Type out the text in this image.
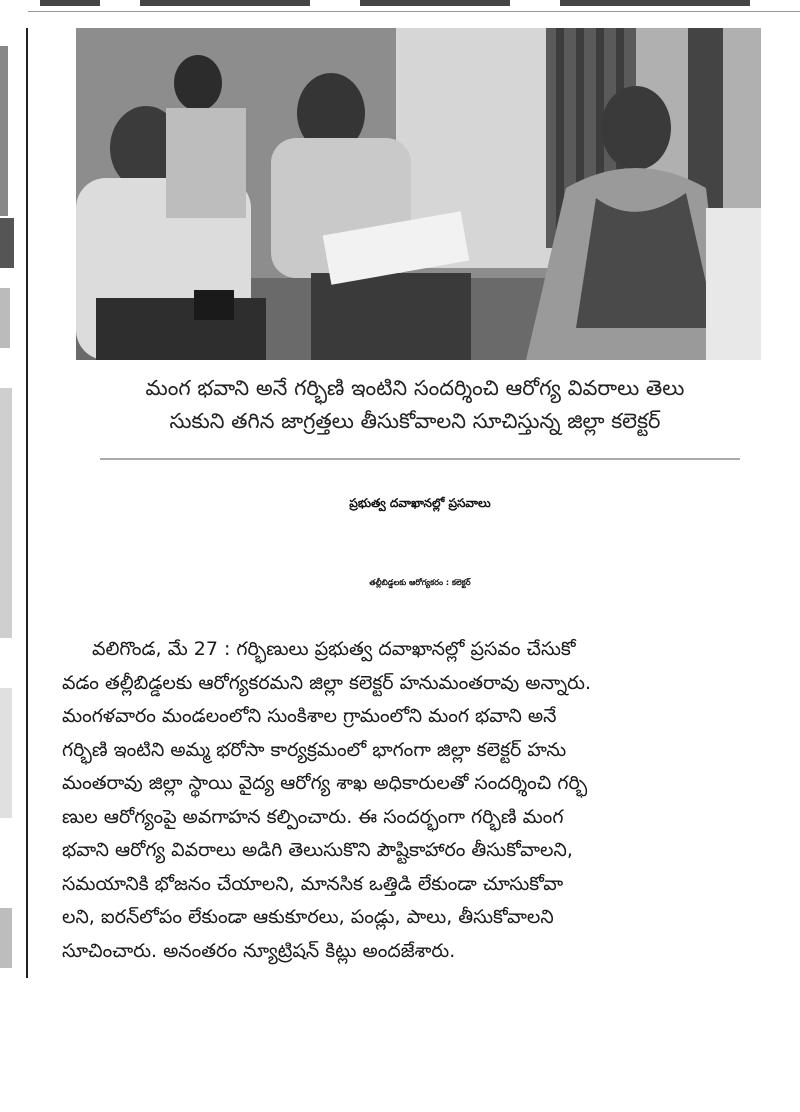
మంగ భవాని అనే గర్భిణి ఇంటిని సందర్శించి ఆరోగ్య వివరాలు తెలు

సుకుని తగిన జాగ్రత్తలు తీసుకోవాలని సూచిస్తున్న జిల్లా కలెక్టర్

ప్రభుత్వ దవాఖానల్లో ప్రసవాలు
తల్లీబిడ్డలకు ఆరోగ్యకరం : కలెక్టర్

వలిగొండ, మే 27 : గర్భిణులు ప్రభుత్వ దవాఖానల్లో ప్రసవం చేసుకో

వడం తల్లీబిడ్డలకు ఆరోగ్యకరమని జిల్లా కలెక్టర్ హనుమంతరావు అన్నారు.

మంగళవారం మండలంలోని సుంకిశాల గ్రామంలోని మంగ భవాని అనే

గర్భిణి ఇంటిని అమ్మ భరోసా కార్యక్రమంలో భాగంగా జిల్లా కలెక్టర్ హను

మంతరావు జిల్లా స్థాయి వైద్య ఆరోగ్య శాఖ అధికారులతో సందర్శించి గర్భి

ణుల ఆరోగ్యంపై అవగాహన కల్పించారు. ఈ సందర్భంగా గర్భిణి మంగ

భవాని ఆరోగ్య వివరాలు అడిగి తెలుసుకొని పౌష్టికాహారం తీసుకోవాలని,

సమయానికి భోజనం చేయాలని, మానసిక ఒత్తిడి లేకుండా చూసుకోవా

లని, ఐరన్‌లోపం లేకుండా ఆకుకూరలు, పండ్లు, పాలు, తీసుకోవాలని

సూచించారు. అనంతరం న్యూట్రిషన్ కిట్లు అందజేశారు.
